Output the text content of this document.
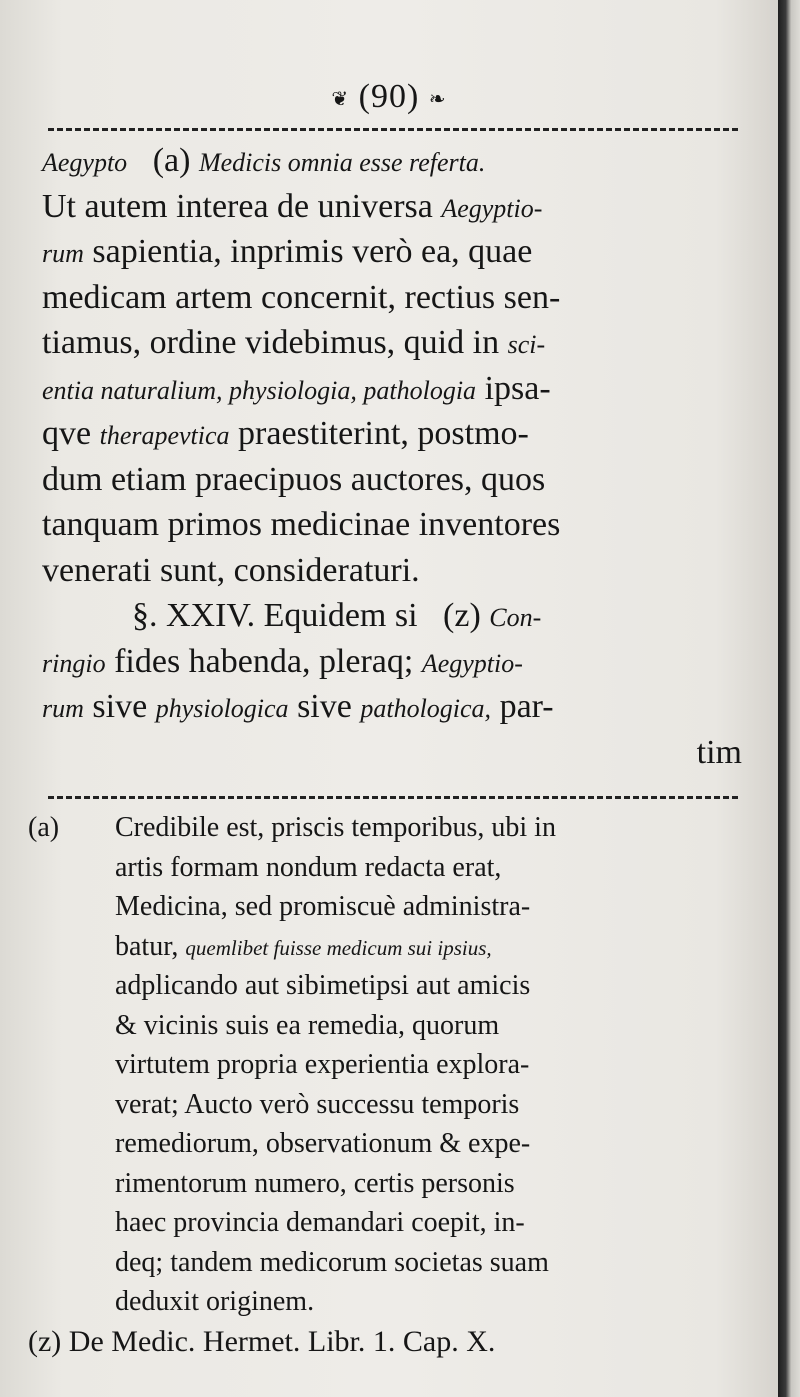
❦ (90) ❧
Aegypto (a) Medicis omnia esse referta.
Ut autem interea de universa Aegyptio-
rum sapientia, inprimis verò ea, quae
medicam artem concernit, rectius sen-
tiamus, ordine videbimus, quid in sci-
entia naturalium, physiologia, pathologia ipsa-
qve therapevtica praestiterint, postmo-
dum etiam praecipuos auctores, quos
tanquam primos medicinae inventores
venerati sunt, consideraturi.
§. XXIV. Equidem si (z) Con-
ringio fides habenda, pleraq; Aegyptio-
rum sive physiologica sive pathologica, par-
tim
(a) Credibile est, priscis temporibus, ubi in
artis formam nondum redacta erat,
Medicina, sed promiscuè administra-
batur, quemlibet fuisse medicum sui ipsius,
adplicando aut sibimetipsi aut amicis
& vicinis suis ea remedia, quorum
virtutem propria experientia explora-
verat; Aucto verò successu temporis
remediorum, observationum & expe-
rimentorum numero, certis personis
haec provincia demandari coepit, in-
deq; tandem medicorum societas suam
deduxit originem.
(z) De Medic. Hermet. Libr. 1. Cap. X.
